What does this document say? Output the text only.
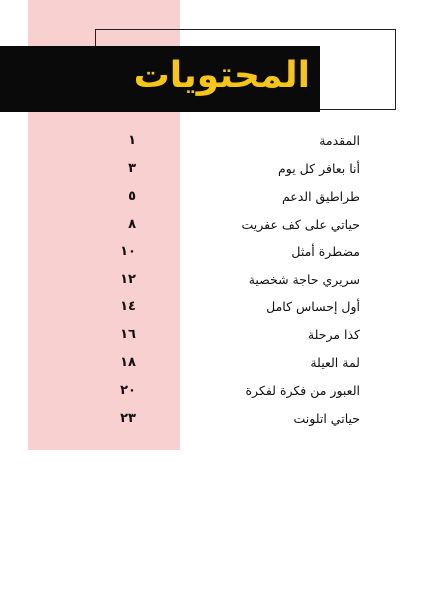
المحتويات
المقدمة
١
أنا بعافر كل يوم
٣
طراطيق الدعم
٥
حياتي على كف عفريت
٨
مضطرة أمثل
١٠
سريري حاجة شخصية
١٢
أول إحساس كامل
١٤
كذا مرحلة
١٦
لمة العيلة
١٨
العبور من فكرة لفكرة
٢٠
حياتي اتلونت
٢٣
